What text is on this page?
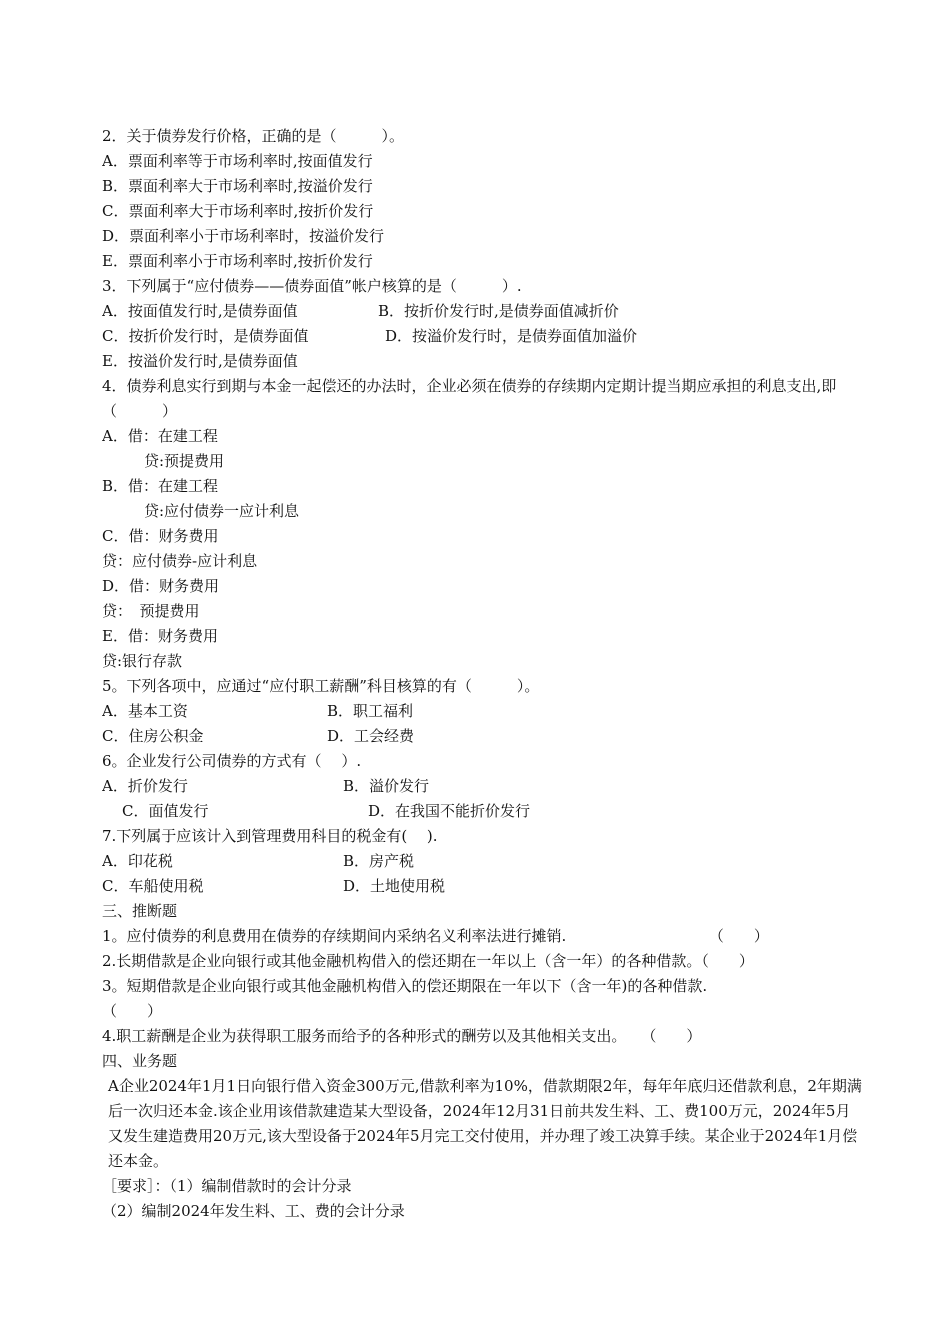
2．关于债券发行价格，正确的是（　　　）。
A．票面利率等于市场利率时,按面值发行
B．票面利率大于市场利率时,按溢价发行
C．票面利率大于市场利率时,按折价发行
D．票面利率小于市场利率时，按溢价发行
E．票面利率小于市场利率时,按折价发行
3．下列属于“应付债券——债券面值”帐户核算的是（　　　）.
A．按面值发行时,是债券面值	B．按折价发行时,是债券面值减折价
C．按折价发行时，是债券面值	D．按溢价发行时，是债券面值加溢价
E．按溢价发行时,是债券面值
4．债券利息实行到期与本金一起偿还的办法时，企业必须在债券的存续期内定期计提当期应承担的利息支出,即（　　　）
A．借：在建工程
贷:预提费用
B．借：在建工程
贷:应付债券一应计利息
C．借：财务费用
贷：应付债券-应计利息
D．借：财务费用
贷：　预提费用
E．借：财务费用
贷:银行存款
5。下列各项中，应通过“应付职工薪酬”科目核算的有（　　　）。
A．基本工资	B．职工福利
C．住房公积金	D．工会经费
6。企业发行公司债券的方式有（　 ）.
A．折价发行	B．溢价发行
C．面值发行	D．在我国不能折价发行
7.下列属于应该计入到管理费用科目的税金有(　 ).
A．印花税	B．房产税
C．车船使用税	D．土地使用税
三、推断题
1。应付债券的利息费用在债券的存续期间内采纳名义利率法进行摊销.　　　　　　　　　　（　　）
2.长期借款是企业向银行或其他金融机构借入的偿还期在一年以上（含一年）的各种借款。（　　）
3。短期借款是企业向银行或其他金融机构借入的偿还期限在一年以下（含一年)的各种借款.
（　　）
4.职工薪酬是企业为获得职工服务而给予的各种形式的酬劳以及其他相关支出。　　（　　）
四、业务题
A企业2024年1月1日向银行借入资金300万元,借款利率为10%，借款期限2年，每年年底归还借款利息，2年期满后一次归还本金.该企业用该借款建造某大型设备，2024年12月31日前共发生料、工、费100万元，2024年5月又发生建造费用20万元,该大型设备于2024年5月完工交付使用，并办理了竣工决算手续。某企业于2024年1月偿还本金。
［要求］：（1）编制借款时的会计分录
（2）编制2024年发生料、工、费的会计分录
